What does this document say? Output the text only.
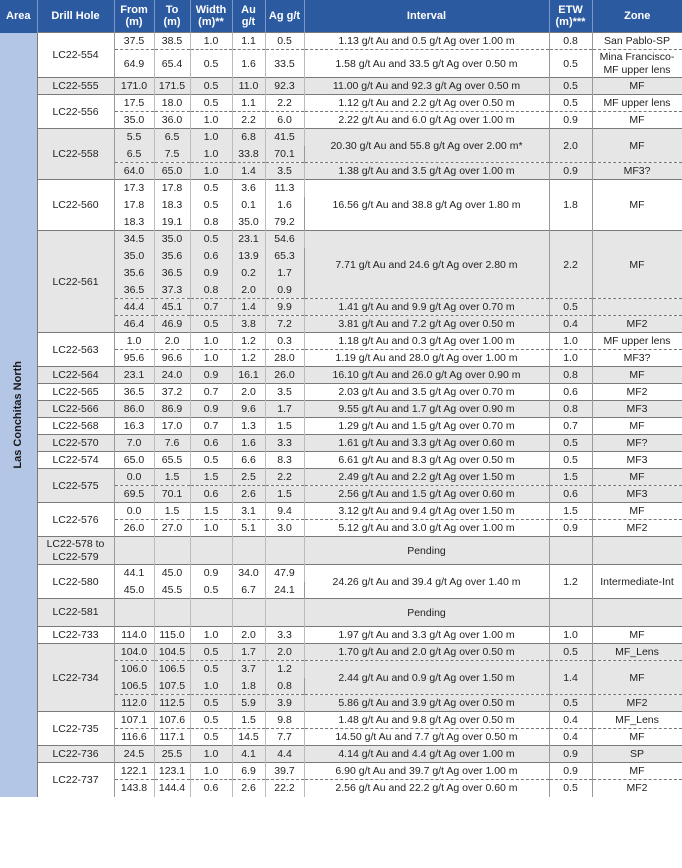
Area	Drill Hole	From (m)	To (m)	Width (m)**	Au g/t	Ag g/t	Interval	ETW (m)***	Zone

Las Conchitas North	LC22-554	37.5	38.5	1.0	1.1	0.5	1.13 g/t Au and 0.5 g/t Ag over 1.00 m	0.8	San Pablo-SP
		64.9	65.4	0.5	1.6	33.5	1.58 g/t Au and 33.5 g/t Ag over 0.50 m	0.5	Mina Francisco-MF upper lens
	LC22-555	171.0	171.5	0.5	11.0	92.3	11.00 g/t Au and 92.3 g/t Ag over 0.50 m	0.5	MF
	LC22-556	17.5	18.0	0.5	1.1	2.2	1.12 g/t Au and 2.2 g/t Ag over 0.50 m	0.5	MF upper lens
		35.0	36.0	1.0	2.2	6.0	2.22 g/t Au and 6.0 g/t Ag over 1.00 m	0.9	MF
	LC22-558	5.5	6.5	1.0	6.8	41.5	20.30 g/t Au and 55.8 g/t Ag over 2.00 m*	2.0	MF
		6.5	7.5	1.0	33.8	70.1			
		64.0	65.0	1.0	1.4	3.5	1.38 g/t Au and 3.5 g/t Ag over 1.00 m	0.9	MF3?
	LC22-560	17.3	17.8	0.5	3.6	11.3	16.56 g/t Au and 38.8 g/t Ag over 1.80 m	1.8	MF
		17.8	18.3	0.5	0.1	1.6			
		18.3	19.1	0.8	35.0	79.2			
	LC22-561	34.5	35.0	0.5	23.1	54.6	7.71 g/t Au and 24.6 g/t Ag over 2.80 m	2.2	MF
		35.0	35.6	0.6	13.9	65.3			
		35.6	36.5	0.9	0.2	1.7			
		36.5	37.3	0.8	2.0	0.9			
		44.4	45.1	0.7	1.4	9.9	1.41 g/t Au and 9.9 g/t Ag over 0.70 m	0.5	
		46.4	46.9	0.5	3.8	7.2	3.81 g/t Au and 7.2 g/t Ag over 0.50 m	0.4	MF2
	LC22-563	1.0	2.0	1.0	1.2	0.3	1.18 g/t Au and 0.3 g/t Ag over 1.00 m	1.0	MF upper lens
		95.6	96.6	1.0	1.2	28.0	1.19 g/t Au and 28.0 g/t Ag over 1.00 m	1.0	MF3?
	LC22-564	23.1	24.0	0.9	16.1	26.0	16.10 g/t Au and 26.0 g/t Ag over 0.90 m	0.8	MF
	LC22-565	36.5	37.2	0.7	2.0	3.5	2.03 g/t Au and 3.5 g/t Ag over 0.70 m	0.6	MF2
	LC22-566	86.0	86.9	0.9	9.6	1.7	9.55 g/t Au and 1.7 g/t Ag over 0.90 m	0.8	MF3
	LC22-568	16.3	17.0	0.7	1.3	1.5	1.29 g/t Au and 1.5 g/t Ag over 0.70 m	0.7	MF
	LC22-570	7.0	7.6	0.6	1.6	3.3	1.61 g/t Au and 3.3 g/t Ag over 0.60 m	0.5	MF?
	LC22-574	65.0	65.5	0.5	6.6	8.3	6.61 g/t Au and 8.3 g/t Ag over 0.50 m	0.5	MF3
	LC22-575	0.0	1.5	1.5	2.5	2.2	2.49 g/t Au and 2.2 g/t Ag over 1.50 m	1.5	MF
		69.5	70.1	0.6	2.6	1.5	2.56 g/t Au and 1.5 g/t Ag over 0.60 m	0.6	MF3
	LC22-576	0.0	1.5	1.5	3.1	9.4	3.12 g/t Au and 9.4 g/t Ag over 1.50 m	1.5	MF
		26.0	27.0	1.0	5.1	3.0	5.12 g/t Au and 3.0 g/t Ag over 1.00 m	0.9	MF2
	LC22-578 to LC22-579						Pending		
	LC22-580	44.1	45.0	0.9	34.0	47.9	24.26 g/t Au and 39.4 g/t Ag over 1.40 m	1.2	Intermediate-Int
		45.0	45.5	0.5	6.7	24.1			
	LC22-581						Pending		
	LC22-733	114.0	115.0	1.0	2.0	3.3	1.97 g/t Au and 3.3 g/t Ag over 1.00 m	1.0	MF
	LC22-734	104.0	104.5	0.5	1.7	2.0	1.70 g/t Au and 2.0 g/t Ag over 0.50 m	0.5	MF_Lens
		106.0	106.5	0.5	3.7	1.2	2.44 g/t Au and 0.9 g/t Ag over 1.50 m	1.4	MF
		106.5	107.5	1.0	1.8	0.8			
		112.0	112.5	0.5	5.9	3.9	5.86 g/t Au and 3.9 g/t Ag over 0.50 m	0.5	MF2
	LC22-735	107.1	107.6	0.5	1.5	9.8	1.48 g/t Au and 9.8 g/t Ag over 0.50 m	0.4	MF_Lens
		116.6	117.1	0.5	14.5	7.7	14.50 g/t Au and 7.7 g/t Ag over 0.50 m	0.4	MF
	LC22-736	24.5	25.5	1.0	4.1	4.4	4.14 g/t Au and 4.4 g/t Ag over 1.00 m	0.9	SP
	LC22-737	122.1	123.1	1.0	6.9	39.7	6.90 g/t Au and 39.7 g/t Ag over 1.00 m	0.9	MF
		143.8	144.4	0.6	2.6	22.2	2.56 g/t Au and 22.2 g/t Ag over 0.60 m	0.5	MF2
